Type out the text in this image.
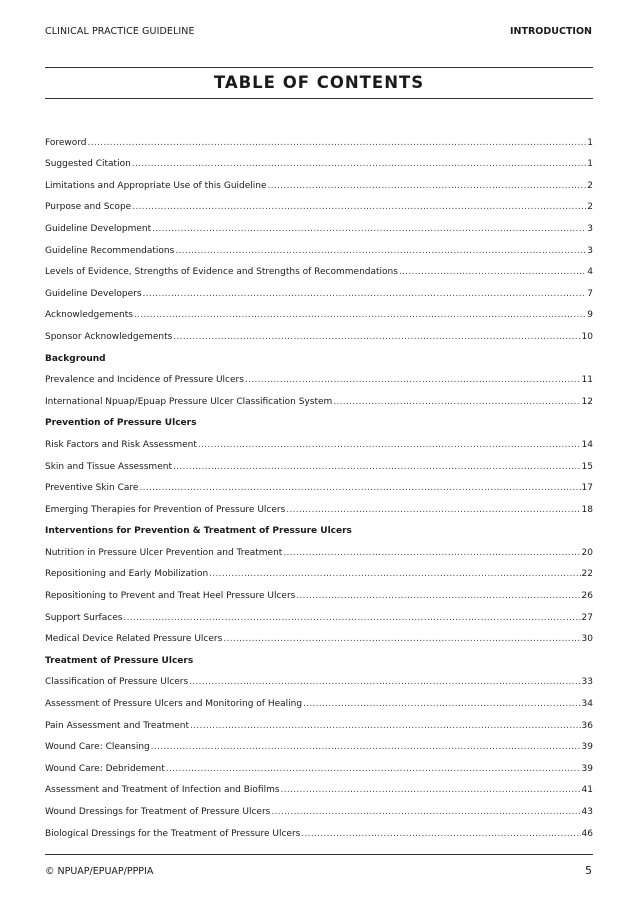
CLINICAL PRACTICE GUIDELINE	INTRODUCTION
TABLE OF CONTENTS
Foreword .....	1
Suggested Citation .....	1
Limitations and Appropriate Use of this Guideline .....	2
Purpose and Scope .....	2
Guideline Development .....	3
Guideline Recommendations .....	3
Levels of Evidence, Strengths of Evidence and Strengths of Recommendations .....	4
Guideline Developers .....	7
Acknowledgements .....	9
Sponsor Acknowledgements .....	10
Background
Prevalence and Incidence of Pressure Ulcers .....	11
International Npuap/Epuap Pressure Ulcer Classification System .....	12
Prevention of Pressure Ulcers
Risk Factors and Risk Assessment .....	14
Skin and Tissue Assessment .....	15
Preventive Skin Care .....	17
Emerging Therapies for Prevention of Pressure Ulcers .....	18
Interventions for Prevention & Treatment of Pressure Ulcers
Nutrition in Pressure Ulcer Prevention and Treatment .....	20
Repositioning and Early Mobilization .....	22
Repositioning to Prevent and Treat Heel Pressure Ulcers .....	26
Support Surfaces .....	27
Medical Device Related Pressure Ulcers .....	30
Treatment of Pressure Ulcers
Classification of Pressure Ulcers .....	33
Assessment of Pressure Ulcers and Monitoring of Healing .....	34
Pain Assessment and Treatment .....	36
Wound Care: Cleansing .....	39
Wound Care: Debridement .....	39
Assessment and Treatment of Infection and Biofilms .....	41
Wound Dressings for Treatment of Pressure Ulcers .....	43
Biological Dressings for the Treatment of Pressure Ulcers .....	46
© NPUAP/EPUAP/PPPIA	5
